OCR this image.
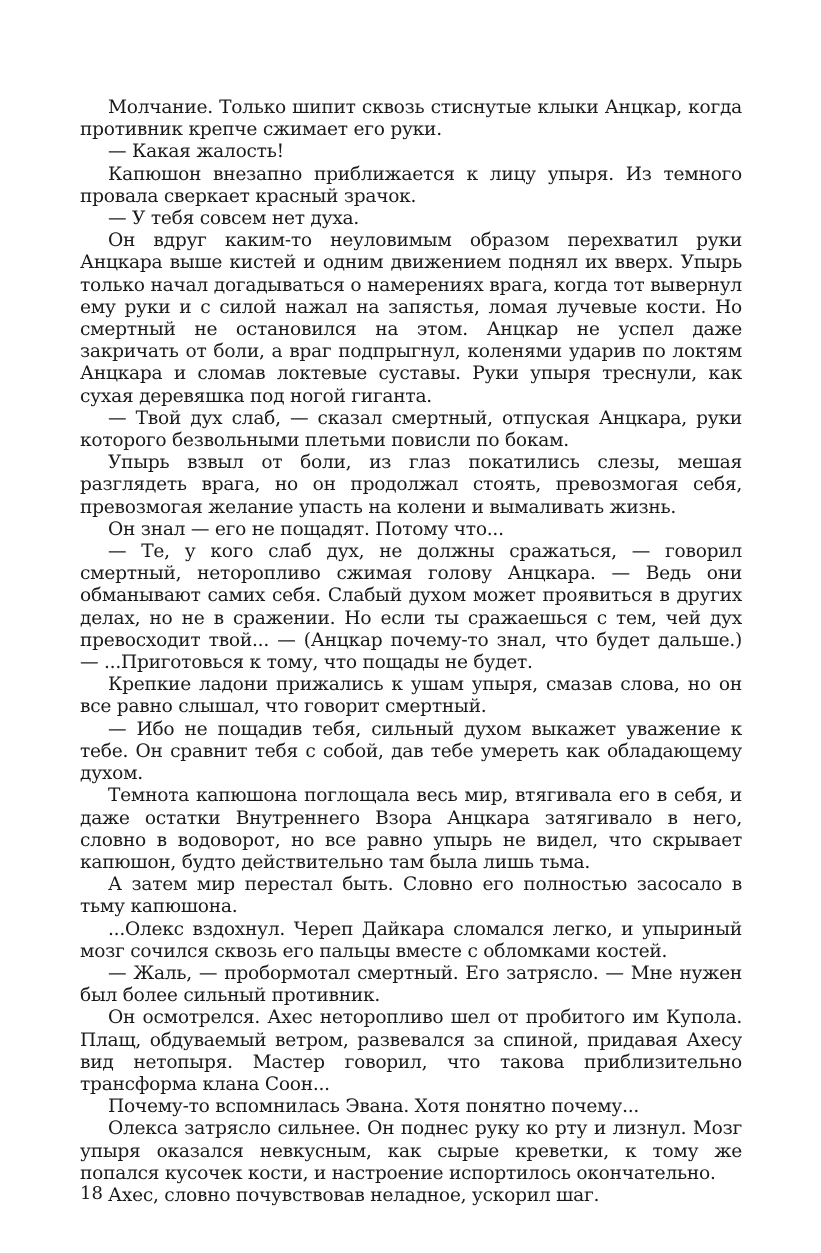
Молчание. Только шипит сквозь стиснутые клыки Анцкар, когда противник крепче сжимает его руки.

— Какая жалость!

Капюшон внезапно приближается к лицу упыря. Из темного провала сверкает красный зрачок.

— У тебя совсем нет духа.

Он вдруг каким-то неуловимым образом перехватил руки Анцкара выше кистей и одним движением поднял их вверх. Упырь только начал догадываться о намерениях врага, когда тот вывернул ему руки и с силой нажал на запястья, ломая лучевые кости. Но смертный не остановился на этом. Анцкар не успел даже закричать от боли, а враг подпрыгнул, коленями ударив по локтям Анцкара и сломав локтевые суставы. Руки упыря треснули, как сухая деревяшка под ногой гиганта.

— Твой дух слаб, — сказал смертный, отпуская Анцкара, руки которого безвольными плетьми повисли по бокам.

Упырь взвыл от боли, из глаз покатились слезы, мешая разглядеть врага, но он продолжал стоять, превозмогая себя, превозмогая желание упасть на колени и вымаливать жизнь.

Он знал — его не пощадят. Потому что...

— Те, у кого слаб дух, не должны сражаться, — говорил смертный, неторопливо сжимая голову Анцкара. — Ведь они обманывают самих себя. Слабый духом может проявиться в других делах, но не в сражении. Но если ты сражаешься с тем, чей дух превосходит твой... — (Анцкар почему-то знал, что будет дальше.) — ...Приготовься к тому, что пощады не будет.

Крепкие ладони прижались к ушам упыря, смазав слова, но он все равно слышал, что говорит смертный.

— Ибо не пощадив тебя, сильный духом выкажет уважение к тебе. Он сравнит тебя с собой, дав тебе умереть как обладающему духом.

Темнота капюшона поглощала весь мир, втягивала его в себя, и даже остатки Внутреннего Взора Анцкара затягивало в него, словно в водоворот, но все равно упырь не видел, что скрывает капюшон, будто действительно там была лишь тьма.

А затем мир перестал быть. Словно его полностью засосало в тьму капюшона.

...Олекс вздохнул. Череп Дайкара сломался легко, и упыриный мозг сочился сквозь его пальцы вместе с обломками костей.

— Жаль, — пробормотал смертный. Его затрясло. — Мне нужен был более сильный противник.

Он осмотрелся. Ахес неторопливо шел от пробитого им Купола. Плащ, обдуваемый ветром, развевался за спиной, придавая Ахесу вид нетопыря. Мастер говорил, что такова приблизительно трансформа клана Соон...

Почему-то вспомнилась Эвана. Хотя понятно почему...

Олекса затрясло сильнее. Он поднес руку ко рту и лизнул. Мозг упыря оказался невкусным, как сырые креветки, к тому же попался кусочек кости, и настроение испортилось окончательно.

Ахес, словно почувствовав неладное, ускорил шаг.

18
